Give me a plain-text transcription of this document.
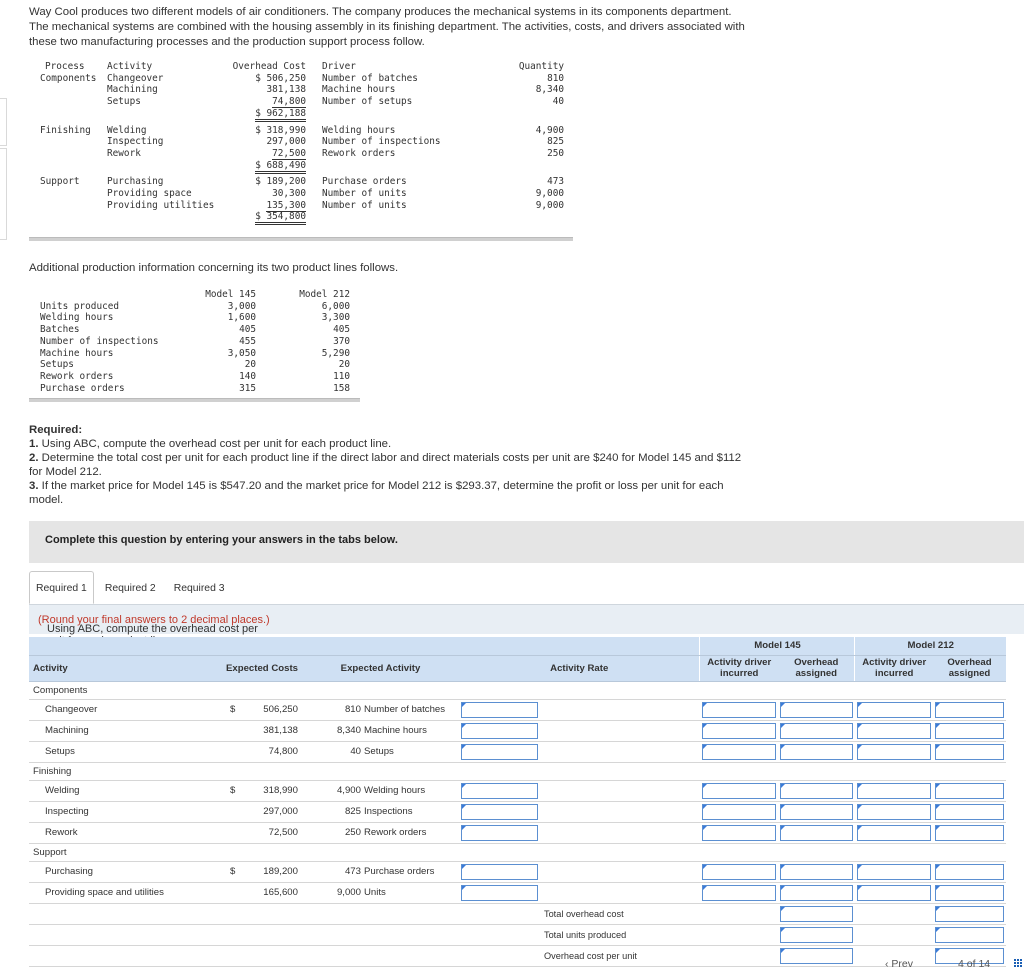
Way Cool produces two different models of air conditioners. The company produces the mechanical systems in its components department. The mechanical systems are combined with the housing assembly in its finishing department. The activities, costs, and drivers associated with these two manufacturing processes and the production support process follow.
Process	Activity	Overhead Cost	Driver	Quantity
Components	Changeover	$ 506,250	Number of batches	810
	Machining	381,138	Machine hours	8,340
	Setups	74,800	Number of setups	40
		$ 962,188		

Finishing	Welding	$ 318,990	Welding hours	4,900
	Inspecting	297,000	Number of inspections	825
	Rework	72,500	Rework orders	250
		$ 688,490		

Support	Purchasing	$ 189,200	Purchase orders	473
	Providing space	30,300	Number of units	9,000
	Providing utilities	135,300	Number of units	9,000
		$ 354,800		
Additional production information concerning its two product lines follows.
	Model 145	Model 212
Units produced	3,000	6,000
Welding hours	1,600	3,300
Batches	405	405
Number of inspections	455	370
Machine hours	3,050	5,290
Setups	20	20
Rework orders	140	110
Purchase orders	315	158
Required:
1. Using ABC, compute the overhead cost per unit for each product line.
2. Determine the total cost per unit for each product line if the direct labor and direct materials costs per unit are $240 for Model 145 and $112 for Model 212.
3. If the market price for Model 145 is $547.20 and the market price for Model 212 is $293.37, determine the profit or loss per unit for each model.
Complete this question by entering your answers in the tabs below.
Required 1	Required 2	Required 3
Using ABC, compute the overhead cost per
(Round your final answers to 2 decimal places.)
					Model 145		Model 212	
Activity	Expected Costs	Expected Activity	Activity Rate		Activity driver incurred	Overhead assigned	Activity driver incurred	Overhead assigned
Components								
Changeover	$ 506,250	810 Number of batches	

Machining	381,138	8,340 Machine hours	

Setups	74,800	40 Setups	

Finishing								
Welding	$ 318,990	4,900 Welding hours	

Inspecting	297,000	825 Inspections	

Rework	72,500	250 Rework orders	

Support								
Purchasing	$ 189,200	473 Purchase orders	

Providing space and utilities	165,600	9,000 Units	

				Total overhead cost		

				Total units produced		

				Overhead cost per unit		

‹ Prev	4 of 14
